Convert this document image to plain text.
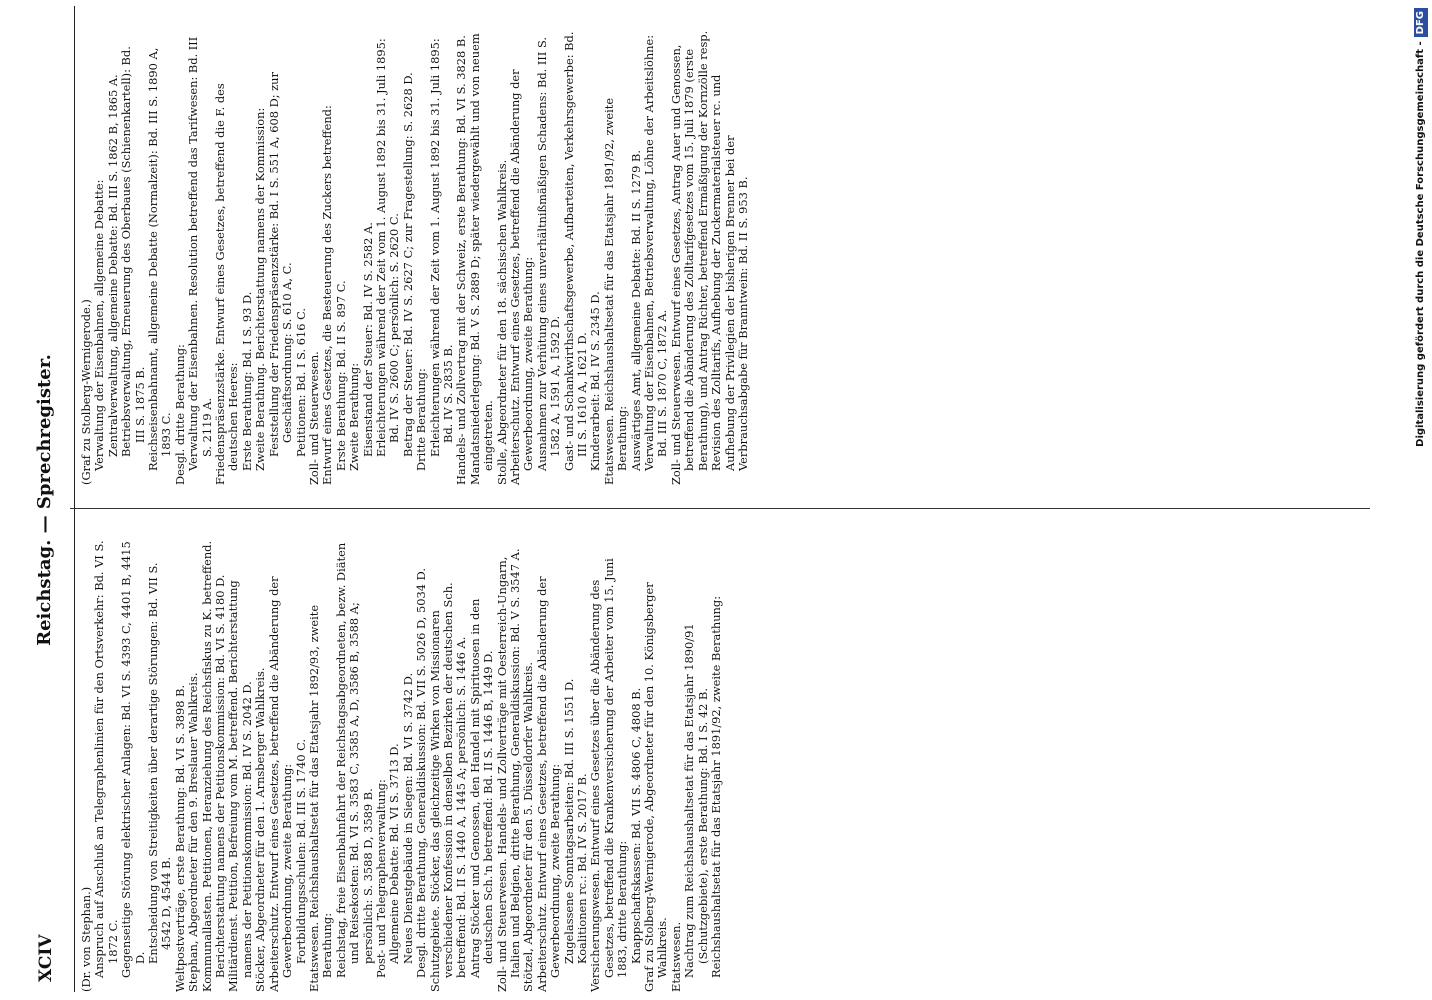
XCIV
Reichstag. — Sprechregister.

(Dr. von Stephan.) Anspruch auf Anschluß an Telegraphenlinien für den Ortsverkehr: Bd. VI S. 1872 C. Gegenseitige Störung elektrischer Anlagen: Bd. VI S. 4393 C, 4401 B, 4415 D. Entscheidung von Streitigkeiten über derartige Störungen: Bd. VII S. 4542 D, 4544 B. Weltpostverträge, erste Berathung: Bd. VI S. 3898 B. Stephan, Abgeordneter für den 9. Breslauer Wahlkreis. Kommunallasten. Petitionen, Heranziehung des Reichsfiskus zu K. betreffend. Berichterstattung namens der Petitionskommission: Bd. VI S. 4180 D. Militärdienst. Petition, Befreiung vom M. betreffend. Berichterstattung namens der Petitionskommission: Bd. IV S. 2042 D. Stöcker, Abgeordneter für den 1. Arnsberger Wahlkreis. Arbeiterschutz. Entwurf eines Gesetzes, betreffend die Abänderung der Gewerbeordnung, zweite Berathung: Fortbildungsschulen: Bd. III S. 1740 C. Etatswesen. Reichshaushaltsetat für das Etatsjahr 1892/93, zweite Berathung: Reichstag, freie Eisenbahnfahrt der Reichstagsabgeordneten, bezw. Diäten und Reisekosten: Bd. VI S. 3583 C, 3585 A, D, 3586 B, 3588 A; persönlich: S. 3588 D, 3589 B. Post- und Telegraphenverwaltung: Allgemeine Debatte: Bd. VI S. 3713 D. Neues Dienstgebäude in Siegen: Bd. VI S. 3742 D. Desgl. dritte Berathung, Generaldiskussion: Bd. VII S. 5026 D, 5034 D. Schutzgebiete. Stöcker, das gleichzeitige Wirken von Missionaren verschiedener Konfession in denselben Bezirken der deutschen Sch. betreffend: Bd. II S. 1440 A, 1445 A; persönlich: S. 1446 A. Antrag Stöcker und Genossen, den Handel mit Spirituosen in den deutschen Sch.'n betreffend: Bd. II S. 1446 B, 1449 D. Zoll- und Steuerwesen. Handels- und Zollverträge mit Oesterreich-Ungarn, Italien und Belgien, dritte Berathung, Generaldiskussion: Bd. V S. 3547 A. Stötzel, Abgeordneter für den 5. Düsseldorfer Wahlkreis. Arbeiterschutz. Entwurf eines Gesetzes, betreffend die Abänderung der Gewerbeordnung, zweite Berathung: Zugelassene Sonntagsarbeiten: Bd. III S. 1551 D. Koalitionen rc.: Bd. IV S. 2017 B. Versicherungswesen. Entwurf eines Gesetzes über die Abänderung des Gesetzes, betreffend die Krankenversicherung der Arbeiter vom 15. Juni 1883, dritte Berathung: Knappschaftskassen: Bd. VII S. 4806 C, 4808 B. Graf zu Stolberg-Wernigerode, Abgeordneter für den 10. Königsberger Wahlkreis. Etatswesen. Nachtrag zum Reichshaushaltsetat für das Etatsjahr 1890/91 (Schutzgebiete), erste Berathung: Bd. I S. 42 B. Reichshaushaltsetat für das Etatsjahr 1891/92, zweite Berathung:

(Graf zu Stolberg-Wernigerode.) Verwaltung der Eisenbahnen, allgemeine Debatte: Zentralverwaltung, allgemeine Debatte: Bd. III S. 1862 B, 1865 A. Betriebsverwaltung, Erneuerung des Oberbaues (Schienenkartell): Bd. III S. 1875 B. Reichseisenbahnamt, allgemeine Debatte (Normalzeit): Bd. III S. 1890 A, 1893 C. Desgl. dritte Berathung: Verwaltung der Eisenbahnen. Resolution betreffend das Tarifwesen: Bd. III S. 2119 A. Friedenspräsenzstärke. Entwurf eines Gesetzes, betreffend die F. des deutschen Heeres: Erste Berathung: Bd. I S. 93 D. Zweite Berathung. Berichterstattung namens der Kommission: Feststellung der Friedenspräsenzstärke: Bd. I S. 551 A, 608 D; zur Geschäftsordnung: S. 610 A, C. Petitionen: Bd. I S. 616 C. Zoll- und Steuerwesen. Entwurf eines Gesetzes, die Besteuerung des Zuckers betreffend: Erste Berathung: Bd. II S. 897 C. Zweite Berathung: Eisenstand der Steuer: Bd. IV S. 2582 A. Erleichterungen während der Zeit vom 1. August 1892 bis 31. Juli 1895: Bd. IV S. 2600 C; persönlich: S. 2620 C. Betrag der Steuer: Bd. IV S. 2627 C; zur Fragestellung: S. 2628 D. Dritte Berathung: Erleichterungen während der Zeit vom 1. August 1892 bis 31. Juli 1895: Bd. IV S. 2835 B. Handels- und Zollvertrag mit der Schweiz, erste Berathung: Bd. VI S. 3828 B. Mandatsniederlegung: Bd. V S. 2889 D; später wiedergewählt und von neuem eingetreten. Stolle, Abgeordneter für den 18. sächsischen Wahlkreis. Arbeiterschutz. Entwurf eines Gesetzes, betreffend die Abänderung der Gewerbeordnung, zweite Berathung: Ausnahmen zur Verhütung eines unverhältnißmäßigen Schadens: Bd. III S. 1582 A, 1591 A, 1592 D. Gast- und Schankwirthschaftsgewerbe, Aufbarteiten, Verkehrsgewerbe: Bd. III S. 1610 A, 1621 D. Kinderarbeit: Bd. IV S. 2345 D. Etatswesen. Reichshaushaltsetat für das Etatsjahr 1891/92, zweite Berathung: Auswärtiges Amt, allgemeine Debatte: Bd. II S. 1279 B. Verwaltung der Eisenbahnen, Betriebsverwaltung, Löhne der Arbeitslöhne: Bd. III S. 1870 C, 1872 A. Zoll- und Steuerwesen. Entwurf eines Gesetzes, Antrag Auer und Genossen, betreffend die Abänderung des Zolltarifgesetzes vom 15. Juli 1879 (erste Berathung), und Antrag Richter, betreffend Ermäßigung der Kornzölle resp. Revision des Zolltarifs, Aufhebung der Zuckermaterialsteuer rc. und Aufhebung der Privilegien der bisherigen Brenner bei der Verbrauchsabgabe für Branntwein: Bd. II S. 953 B.	Digitalisierung gefördert durch die Deutsche Forschungsgemeinschaft -DFG
